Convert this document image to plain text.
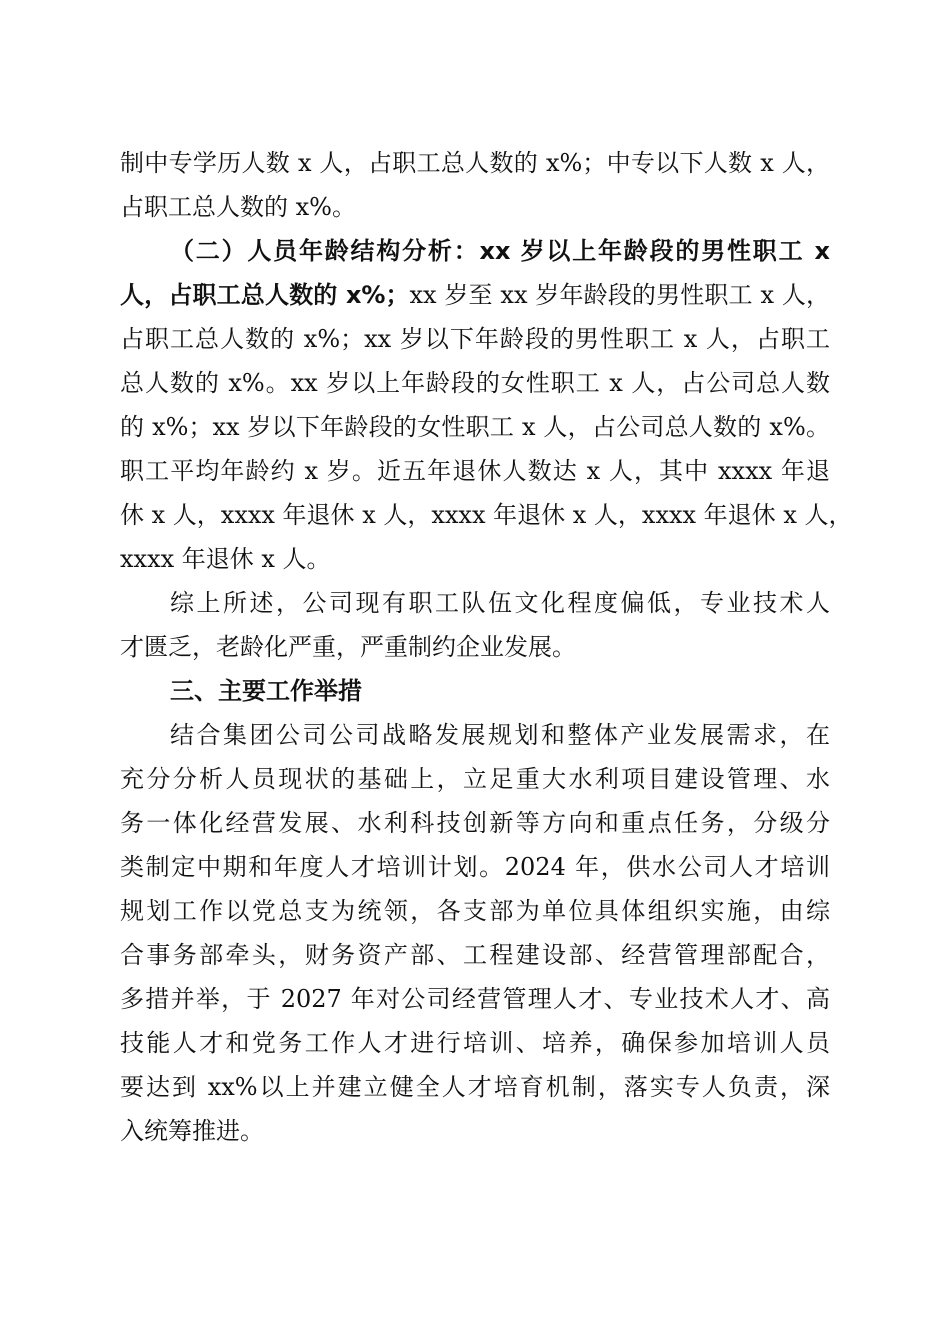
制中专学历人数 x 人，占职工总人数的 x%；中专以下人数 x 人，
占职工总人数的 x%。
（二）人员年龄结构分析：xx 岁以上年龄段的男性职工 x
人，占职工总人数的 x%；xx 岁至 xx 岁年龄段的男性职工 x 人，
占职工总人数的 x%；xx 岁以下年龄段的男性职工 x 人，占职工
总人数的 x%。xx 岁以上年龄段的女性职工 x 人，占公司总人数
的 x%；xx 岁以下年龄段的女性职工 x 人，占公司总人数的 x%。
职工平均年龄约 x 岁。近五年退休人数达 x 人，其中 xxxx 年退
休 x 人，xxxx 年退休 x 人，xxxx 年退休 x 人，xxxx 年退休 x 人，
xxxx 年退休 x 人。
综上所述，公司现有职工队伍文化程度偏低，专业技术人
才匮乏，老龄化严重，严重制约企业发展。
三、主要工作举措
结合集团公司公司战略发展规划和整体产业发展需求，在
充分分析人员现状的基础上，立足重大水利项目建设管理、水
务一体化经营发展、水利科技创新等方向和重点任务，分级分
类制定中期和年度人才培训计划。2024 年，供水公司人才培训
规划工作以党总支为统领，各支部为单位具体组织实施，由综
合事务部牵头，财务资产部、工程建设部、经营管理部配合，
多措并举，于 2027 年对公司经营管理人才、专业技术人才、高
技能人才和党务工作人才进行培训、培养，确保参加培训人员
要达到 xx%以上并建立健全人才培育机制，落实专人负责，深
入统筹推进。
